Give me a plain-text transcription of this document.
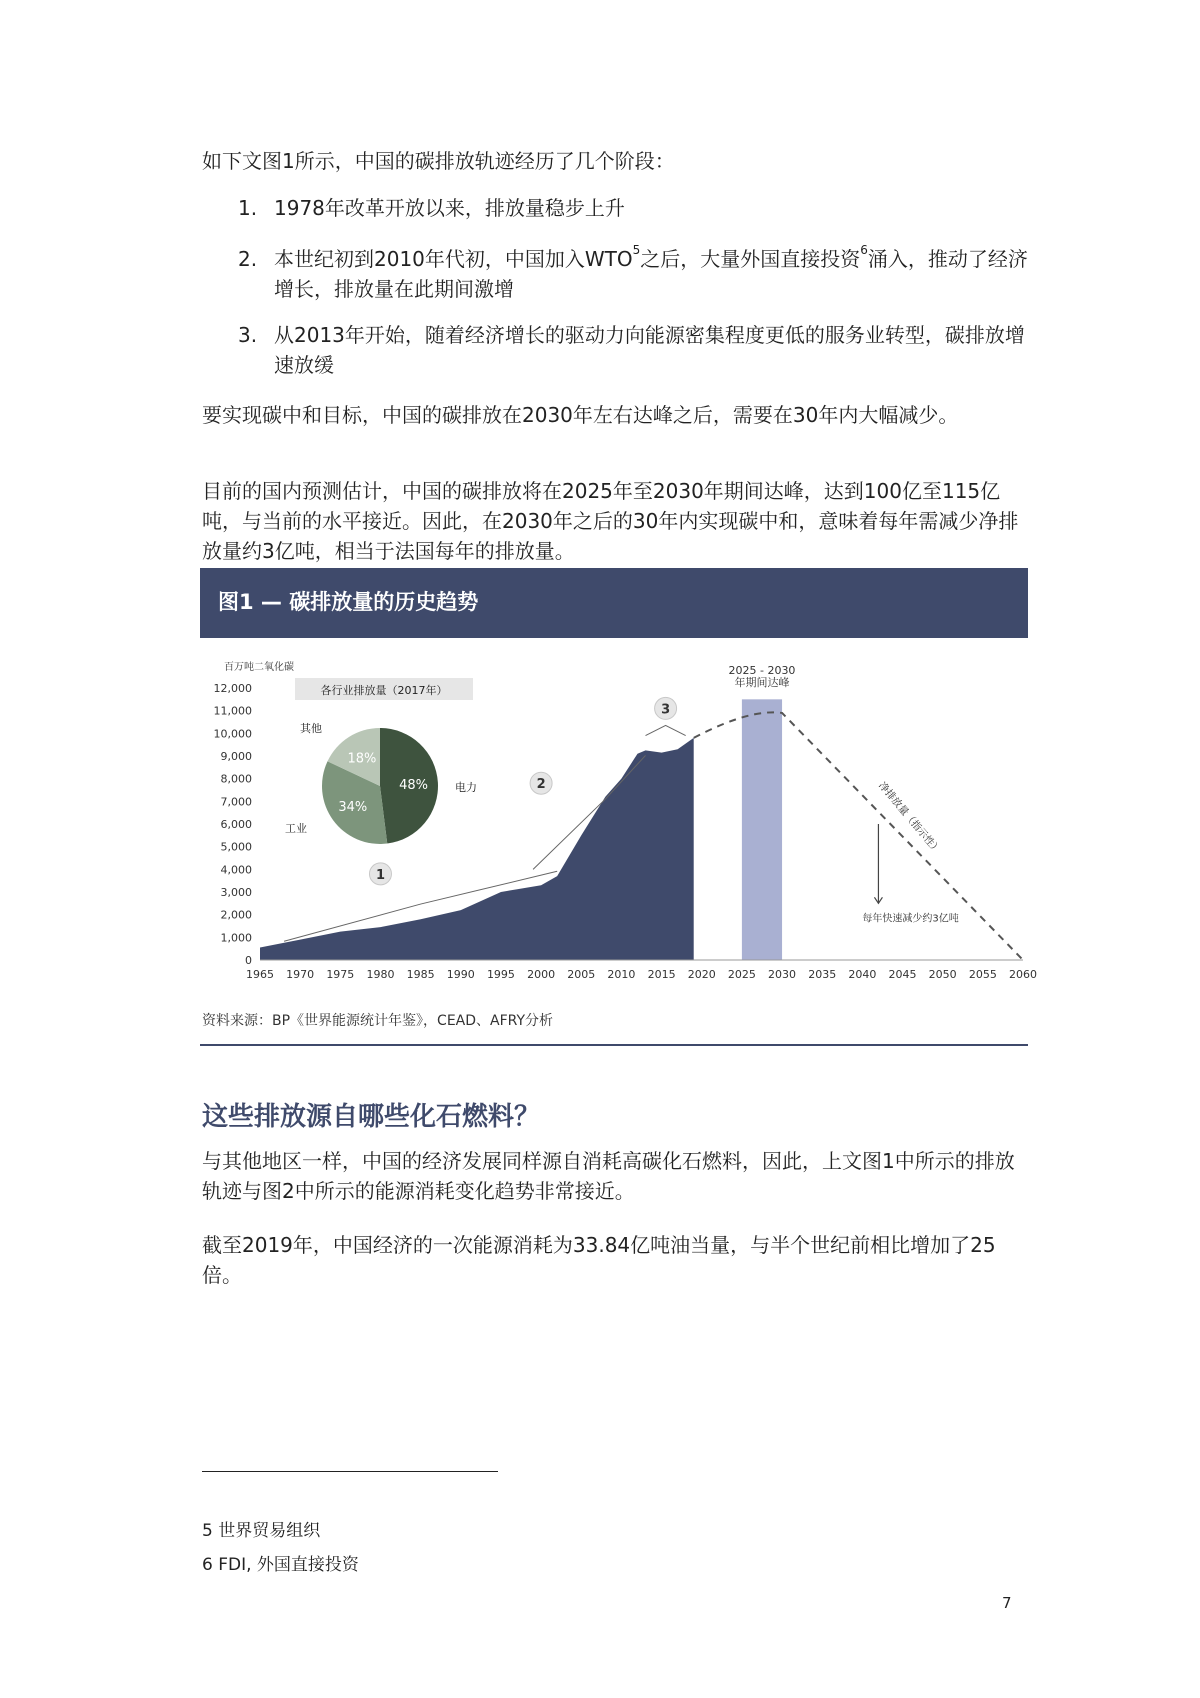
如下文图1所示，中国的碳排放轨迹经历了几个阶段：

1. 1978年改革开放以来，排放量稳步上升
2. 本世纪初到2010年代初，中国加入WTO$^5$之后，大量外国直接投资$^6$涌入，推动了经济增长，排放量在此期间激增
3. 从2013年开始，随着经济增长的驱动力向能源密集程度更低的服务业转型，碳排放增速放缓

要实现碳中和目标，中国的碳排放在2030年左右达峰之后，需要在30年内大幅减少。

目前的国内预测估计，中国的碳排放将在2025年至2030年期间达峰，达到100亿至115亿吨，与当前的水平接近。因此，在2030年之后的30年内实现碳中和，意味着每年需减少净排放量约3亿吨，相当于法国每年的排放量。

图1 — 碳排放量的历史趋势
百万吨二氧化碳
0
1,000
2,000
3,000
4,000
5,000
6,000
7,000
8,000
9,000
10,000
11,000
12,000
1965 1970 1975 1980 1985 1990 1995 2000 2005 2010 2015 2020 2025 2030 2035 2040 2045 2050 2055 2060
2025 - 2030
年期间达峰
净排放量（指示性）
每年快速减少约3亿吨
1
2
3
各行业排放量（2017年）
48%
34%
18%
电力
工业
其他
资料来源：BP《世界能源统计年鉴》，CEAD、AFRY分析
这些排放源自哪些化石燃料？

与其他地区一样，中国的经济发展同样源自消耗高碳化石燃料，因此，上文图1中所示的排放轨迹与图2中所示的能源消耗变化趋势非常接近。

截至2019年，中国经济的一次能源消耗为33.84亿吨油当量，与半个世纪前相比增加了25倍。

5 世界贸易组织
6 FDI, 外国直接投资
7
